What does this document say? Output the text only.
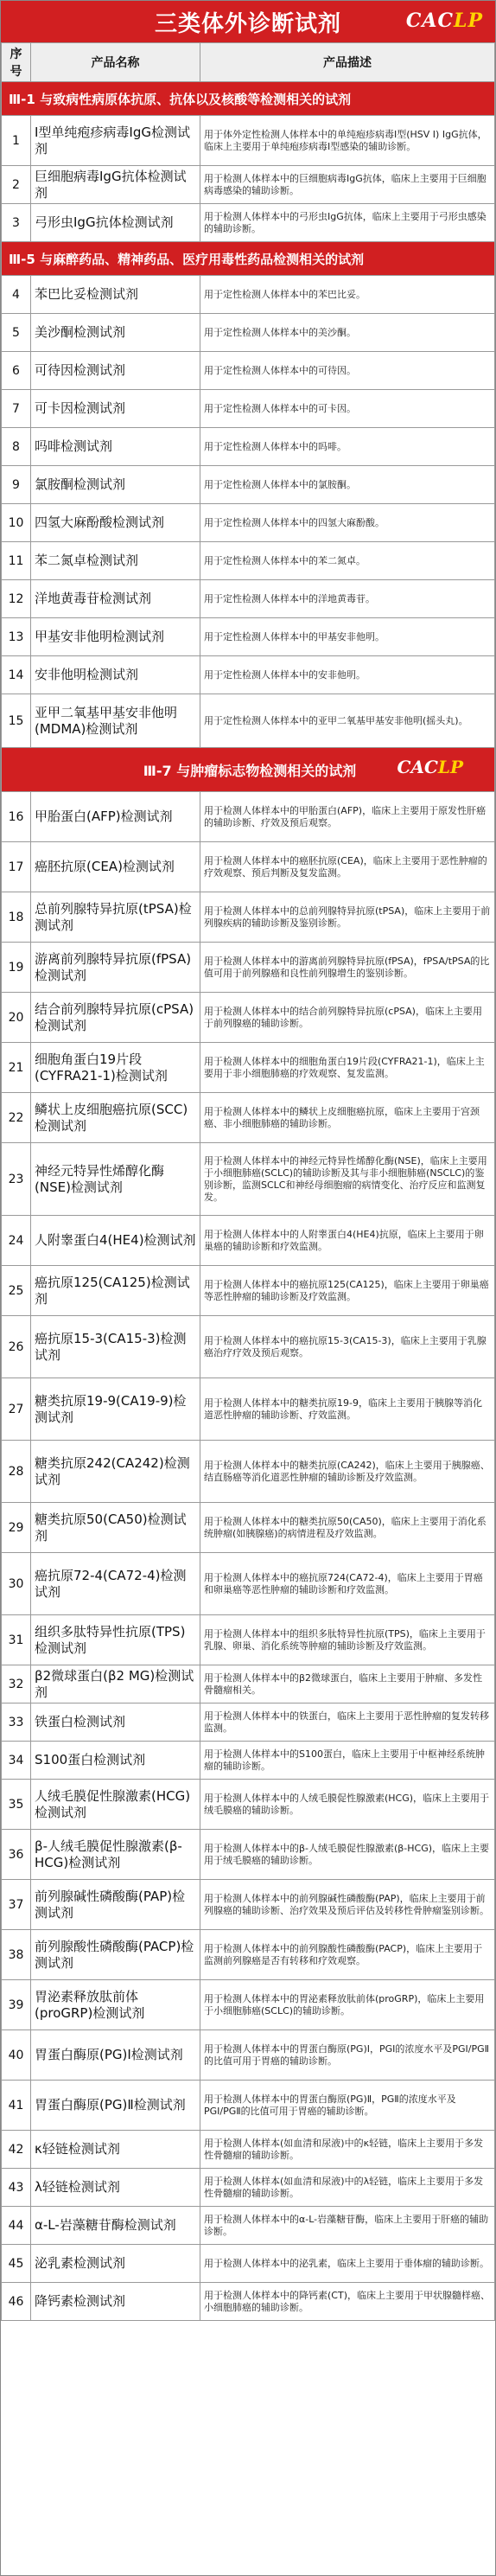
三类体外诊断试剂	CACLP
序号	产品名称	产品描述
Ⅲ-1 与致病性病原体抗原、抗体以及核酸等检测相关的试剂		
1	Ⅰ型单纯疱疹病毒IgG检测试剂	用于体外定性检测人体样本中的单纯疱疹病毒Ⅰ型(HSV Ⅰ) IgG抗体，临床上主要用于单纯疱疹病毒Ⅰ型感染的辅助诊断。
2	巨细胞病毒IgG抗体检测试剂	用于检测人体样本中的巨细胞病毒IgG抗体，临床上主要用于巨细胞病毒感染的辅助诊断。
3	弓形虫IgG抗体检测试剂	用于检测人体样本中的弓形虫IgG抗体，临床上主要用于弓形虫感染的辅助诊断。
Ⅲ-5 与麻醉药品、精神药品、医疗用毒性药品检测相关的试剂		
4	苯巴比妥检测试剂	用于定性检测人体样本中的苯巴比妥。
5	美沙酮检测试剂	用于定性检测人体样本中的美沙酮。
6	可待因检测试剂	用于定性检测人体样本中的可待因。
7	可卡因检测试剂	用于定性检测人体样本中的可卡因。
8	吗啡检测试剂	用于定性检测人体样本中的吗啡。
9	氯胺酮检测试剂	用于定性检测人体样本中的氯胺酮。
10	四氢大麻酚酸检测试剂	用于定性检测人体样本中的四氢大麻酚酸。
11	苯二氮卓检测试剂	用于定性检测人体样本中的苯二氮卓。
12	洋地黄毒苷检测试剂	用于定性检测人体样本中的洋地黄毒苷。
13	甲基安非他明检测试剂	用于定性检测人体样本中的甲基安非他明。
14	安非他明检测试剂	用于定性检测人体样本中的安非他明。
15	亚甲二氧基甲基安非他明(MDMA)检测试剂	用于定性检测人体样本中的亚甲二氧基甲基安非他明(摇头丸)。
Ⅲ-7 与肿瘤标志物检测相关的试剂 CACLP		

16	甲胎蛋白(AFP)检测试剂	用于检测人体样本中的甲胎蛋白(AFP)，临床上主要用于原发性肝癌的辅助诊断、疗效及预后观察。
17	癌胚抗原(CEA)检测试剂	用于检测人体样本中的癌胚抗原(CEA)，临床上主要用于恶性肿瘤的疗效观察、预后判断及复发监测。
18	总前列腺特异抗原(tPSA)检测试剂	用于检测人体样本中的总前列腺特异抗原(tPSA)，临床上主要用于前列腺疾病的辅助诊断及鉴别诊断。
19	游离前列腺特异抗原(fPSA)检测试剂	用于检测人体样本中的游离前列腺特异抗原(fPSA)，fPSA/tPSA的比值可用于前列腺癌和良性前列腺增生的鉴别诊断。
20	结合前列腺特异抗原(cPSA)检测试剂	用于检测人体样本中的结合前列腺特异抗原(cPSA)，临床上主要用于前列腺癌的辅助诊断。
21	细胞角蛋白19片段(CYFRA21-1)检测试剂	用于检测人体样本中的细胞角蛋白19片段(CYFRA21-1)，临床上主要用于非小细胞肺癌的疗效观察、复发监测。
22	鳞状上皮细胞癌抗原(SCC)检测试剂	用于检测人体样本中的鳞状上皮细胞癌抗原，临床上主要用于宫颈癌、非小细胞肺癌的辅助诊断。
23	神经元特异性烯醇化酶(NSE)检测试剂	用于检测人体样本中的神经元特异性烯醇化酶(NSE)，临床上主要用于小细胞肺癌(SCLC)的辅助诊断及其与非小细胞肺癌(NSCLC)的鉴别诊断，监测SCLC和神经母细胞瘤的病情变化、治疗反应和监测复发。
24	人附睾蛋白4(HE4)检测试剂	用于检测人体样本中的人附睾蛋白4(HE4)抗原，临床上主要用于卵巢癌的辅助诊断和疗效监测。
25	癌抗原125(CA125)检测试剂	用于检测人体样本中的癌抗原125(CA125)，临床上主要用于卵巢癌等恶性肿瘤的辅助诊断及疗效监测。
26	癌抗原15-3(CA15-3)检测试剂	用于检测人体样本中的癌抗原15-3(CA15-3)，临床上主要用于乳腺癌治疗疗效及预后观察。
27	糖类抗原19-9(CA19-9)检测试剂	用于检测人体样本中的糖类抗原19-9，临床上主要用于胰腺等消化道恶性肿瘤的辅助诊断、疗效监测。
28	糖类抗原242(CA242)检测试剂	用于检测人体样本中的糖类抗原(CA242)，临床上主要用于胰腺癌、结直肠癌等消化道恶性肿瘤的辅助诊断及疗效监测。
29	糖类抗原50(CA50)检测试剂	用于检测人体样本中的糖类抗原50(CA50)，临床上主要用于消化系统肿瘤(如胰腺癌)的病情进程及疗效监测。
30	癌抗原72-4(CA72-4)检测试剂	用于检测人体样本中的癌抗原724(CA72-4)，临床上主要用于胃癌和卵巢癌等恶性肿瘤的辅助诊断和疗效监测。
31	组织多肽特异性抗原(TPS)检测试剂	用于检测人体样本中的组织多肽特异性抗原(TPS)，临床上主要用于乳腺、卵巢、消化系统等肿瘤的辅助诊断及疗效监测。
32	β2微球蛋白(β2 MG)检测试剂	用于检测人体样本中的β2微球蛋白，临床上主要用于肿瘤、多发性骨髓瘤相关。
33	铁蛋白检测试剂	用于检测人体样本中的铁蛋白，临床上主要用于恶性肿瘤的复发转移监测。
34	S100蛋白检测试剂	用于检测人体样本中的S100蛋白，临床上主要用于中枢神经系统肿瘤的辅助诊断。
35	人绒毛膜促性腺激素(HCG)检测试剂	用于检测人体样本中的人绒毛膜促性腺激素(HCG)，临床上主要用于绒毛膜癌的辅助诊断。
36	β-人绒毛膜促性腺激素(β-HCG)检测试剂	用于检测人体样本中的β-人绒毛膜促性腺激素(β-HCG)，临床上主要用于绒毛膜癌的辅助诊断。
37	前列腺碱性磷酸酶(PAP)检测试剂	用于检测人体样本中的前列腺碱性磷酸酶(PAP)，临床上主要用于前列腺癌的辅助诊断、治疗效果及预后评估及转移性骨肿瘤鉴别诊断。
38	前列腺酸性磷酸酶(PACP)检测试剂	用于检测人体样本中的前列腺酸性磷酸酶(PACP)，临床上主要用于监测前列腺癌是否有转移和疗效观察。
39	胃泌素释放肽前体(proGRP)检测试剂	用于检测人体样本中的胃泌素释放肽前体(proGRP)，临床上主要用于小细胞肺癌(SCLC)的辅助诊断。
40	胃蛋白酶原(PG)Ⅰ检测试剂	用于检测人体样本中的胃蛋白酶原(PG)Ⅰ，PGⅠ的浓度水平及PGⅠ/PGⅡ的比值可用于胃癌的辅助诊断。
41	胃蛋白酶原(PG)Ⅱ检测试剂	用于检测人体样本中的胃蛋白酶原(PG)Ⅱ，PGⅡ的浓度水平及PGⅠ/PGⅡ的比值可用于胃癌的辅助诊断。
42	κ轻链检测试剂	用于检测人体样本(如血清和尿液)中的κ轻链，临床上主要用于多发性骨髓瘤的辅助诊断。
43	λ轻链检测试剂	用于检测人体样本(如血清和尿液)中的λ轻链，临床上主要用于多发性骨髓瘤的辅助诊断。
44	α-L-岩藻糖苷酶检测试剂	用于检测人体样本中的α-L-岩藻糖苷酶，临床上主要用于肝癌的辅助诊断。
45	泌乳素检测试剂	用于检测人体样本中的泌乳素，临床上主要用于垂体瘤的辅助诊断。
46	降钙素检测试剂	用于检测人体样本中的降钙素(CT)，临床上主要用于甲状腺髓样癌、小细胞肺癌的辅助诊断。
